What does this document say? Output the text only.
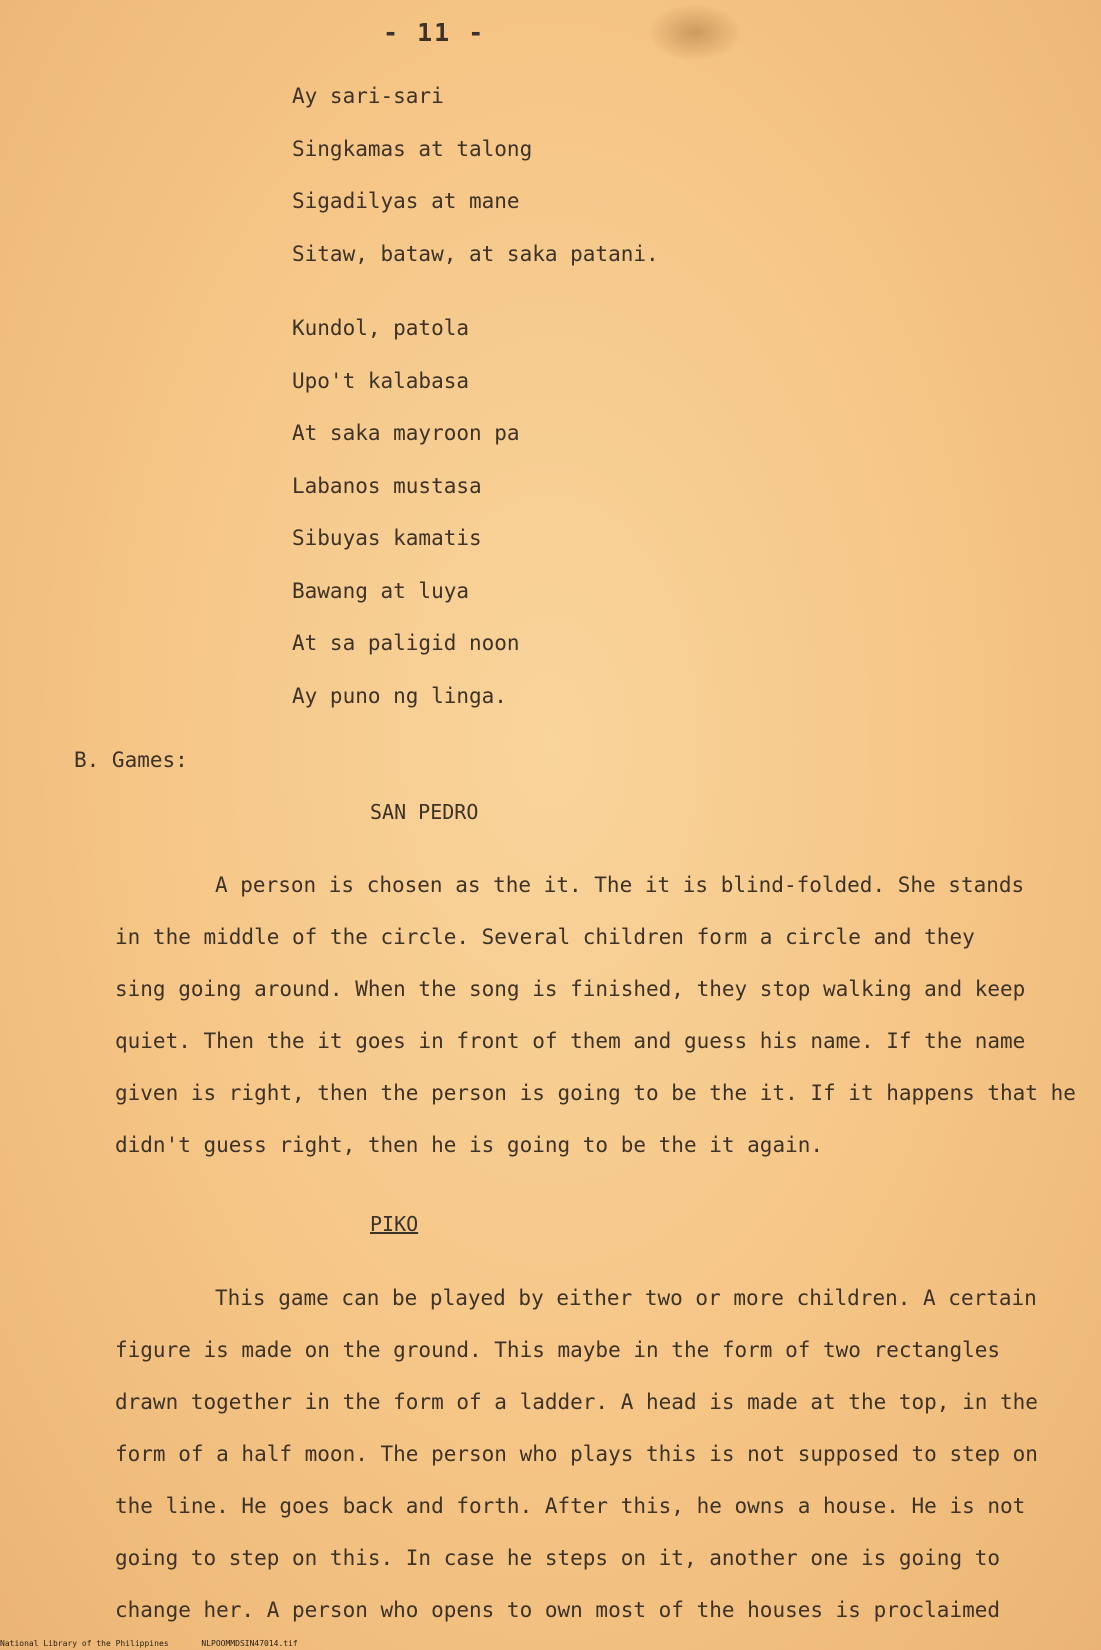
- 11 -
Ay sari-sari
Singkamas at talong
Sigadilyas at mane
Sitaw, bataw, at saka patani.
Kundol, patola
Upo't kalabasa
At saka mayroon pa
Labanos mustasa
Sibuyas kamatis
Bawang at luya
At sa paligid noon
Ay puno ng linga.
B. Games:
SAN PEDRO
A person is chosen as the it. The it is blind-folded. She stands
in the middle of the circle. Several children form a circle and they
sing going around. When the song is finished, they stop walking and keep
quiet. Then the it goes in front of them and guess his name. If the name
given is right, then the person is going to be the it. If it happens that he
didn't guess right, then he is going to be the it again.
PIKO
This game can be played by either two or more children. A certain
figure is made on the ground. This maybe in the form of two rectangles
drawn together in the form of a ladder. A head is made at the top, in the
form of a half moon. The person who plays this is not supposed to step on
the line. He goes back and forth. After this, he owns a house. He is not
going to step on this. In case he steps on it, another one is going to
change her. A person who opens to own most of the houses is proclaimed
National Library of the Philippines	NLPOOMMDSIN47014.tif
